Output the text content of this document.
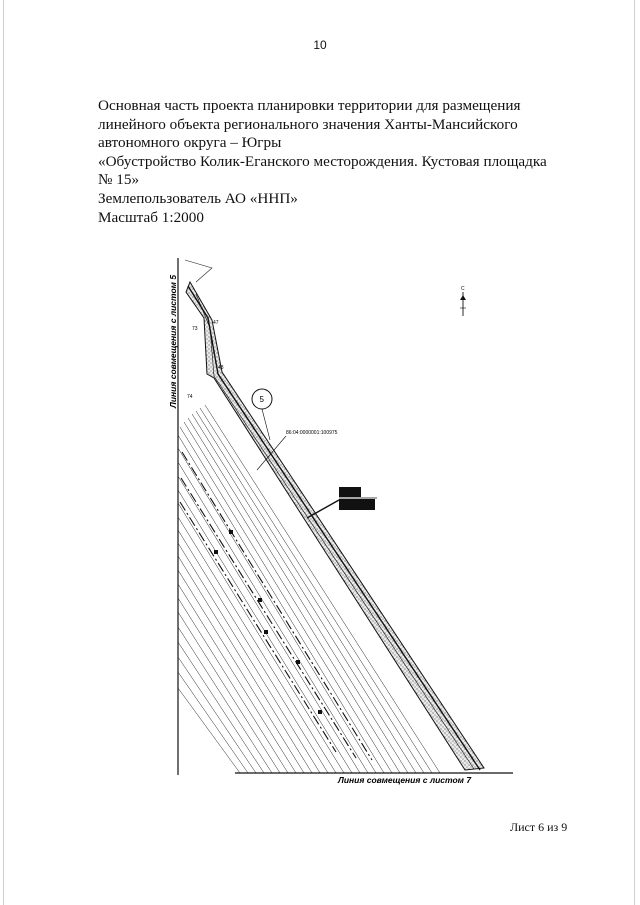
10
Основная часть проекта планировки территории для размещения
линейного объекта регионального значения Ханты-Мансийского
автономного округа – Югры
«Обустройство Колик-Еганского месторождения. Кустовая площадка
№ 15»
Землепользователь АО «ННП»
Масштаб 1:2000
47
48
73
74	5
86:04:0000001:100975
C
Линия совмещения с листом 5
Линия совмещения с листом 7
Лист 6 из 9
